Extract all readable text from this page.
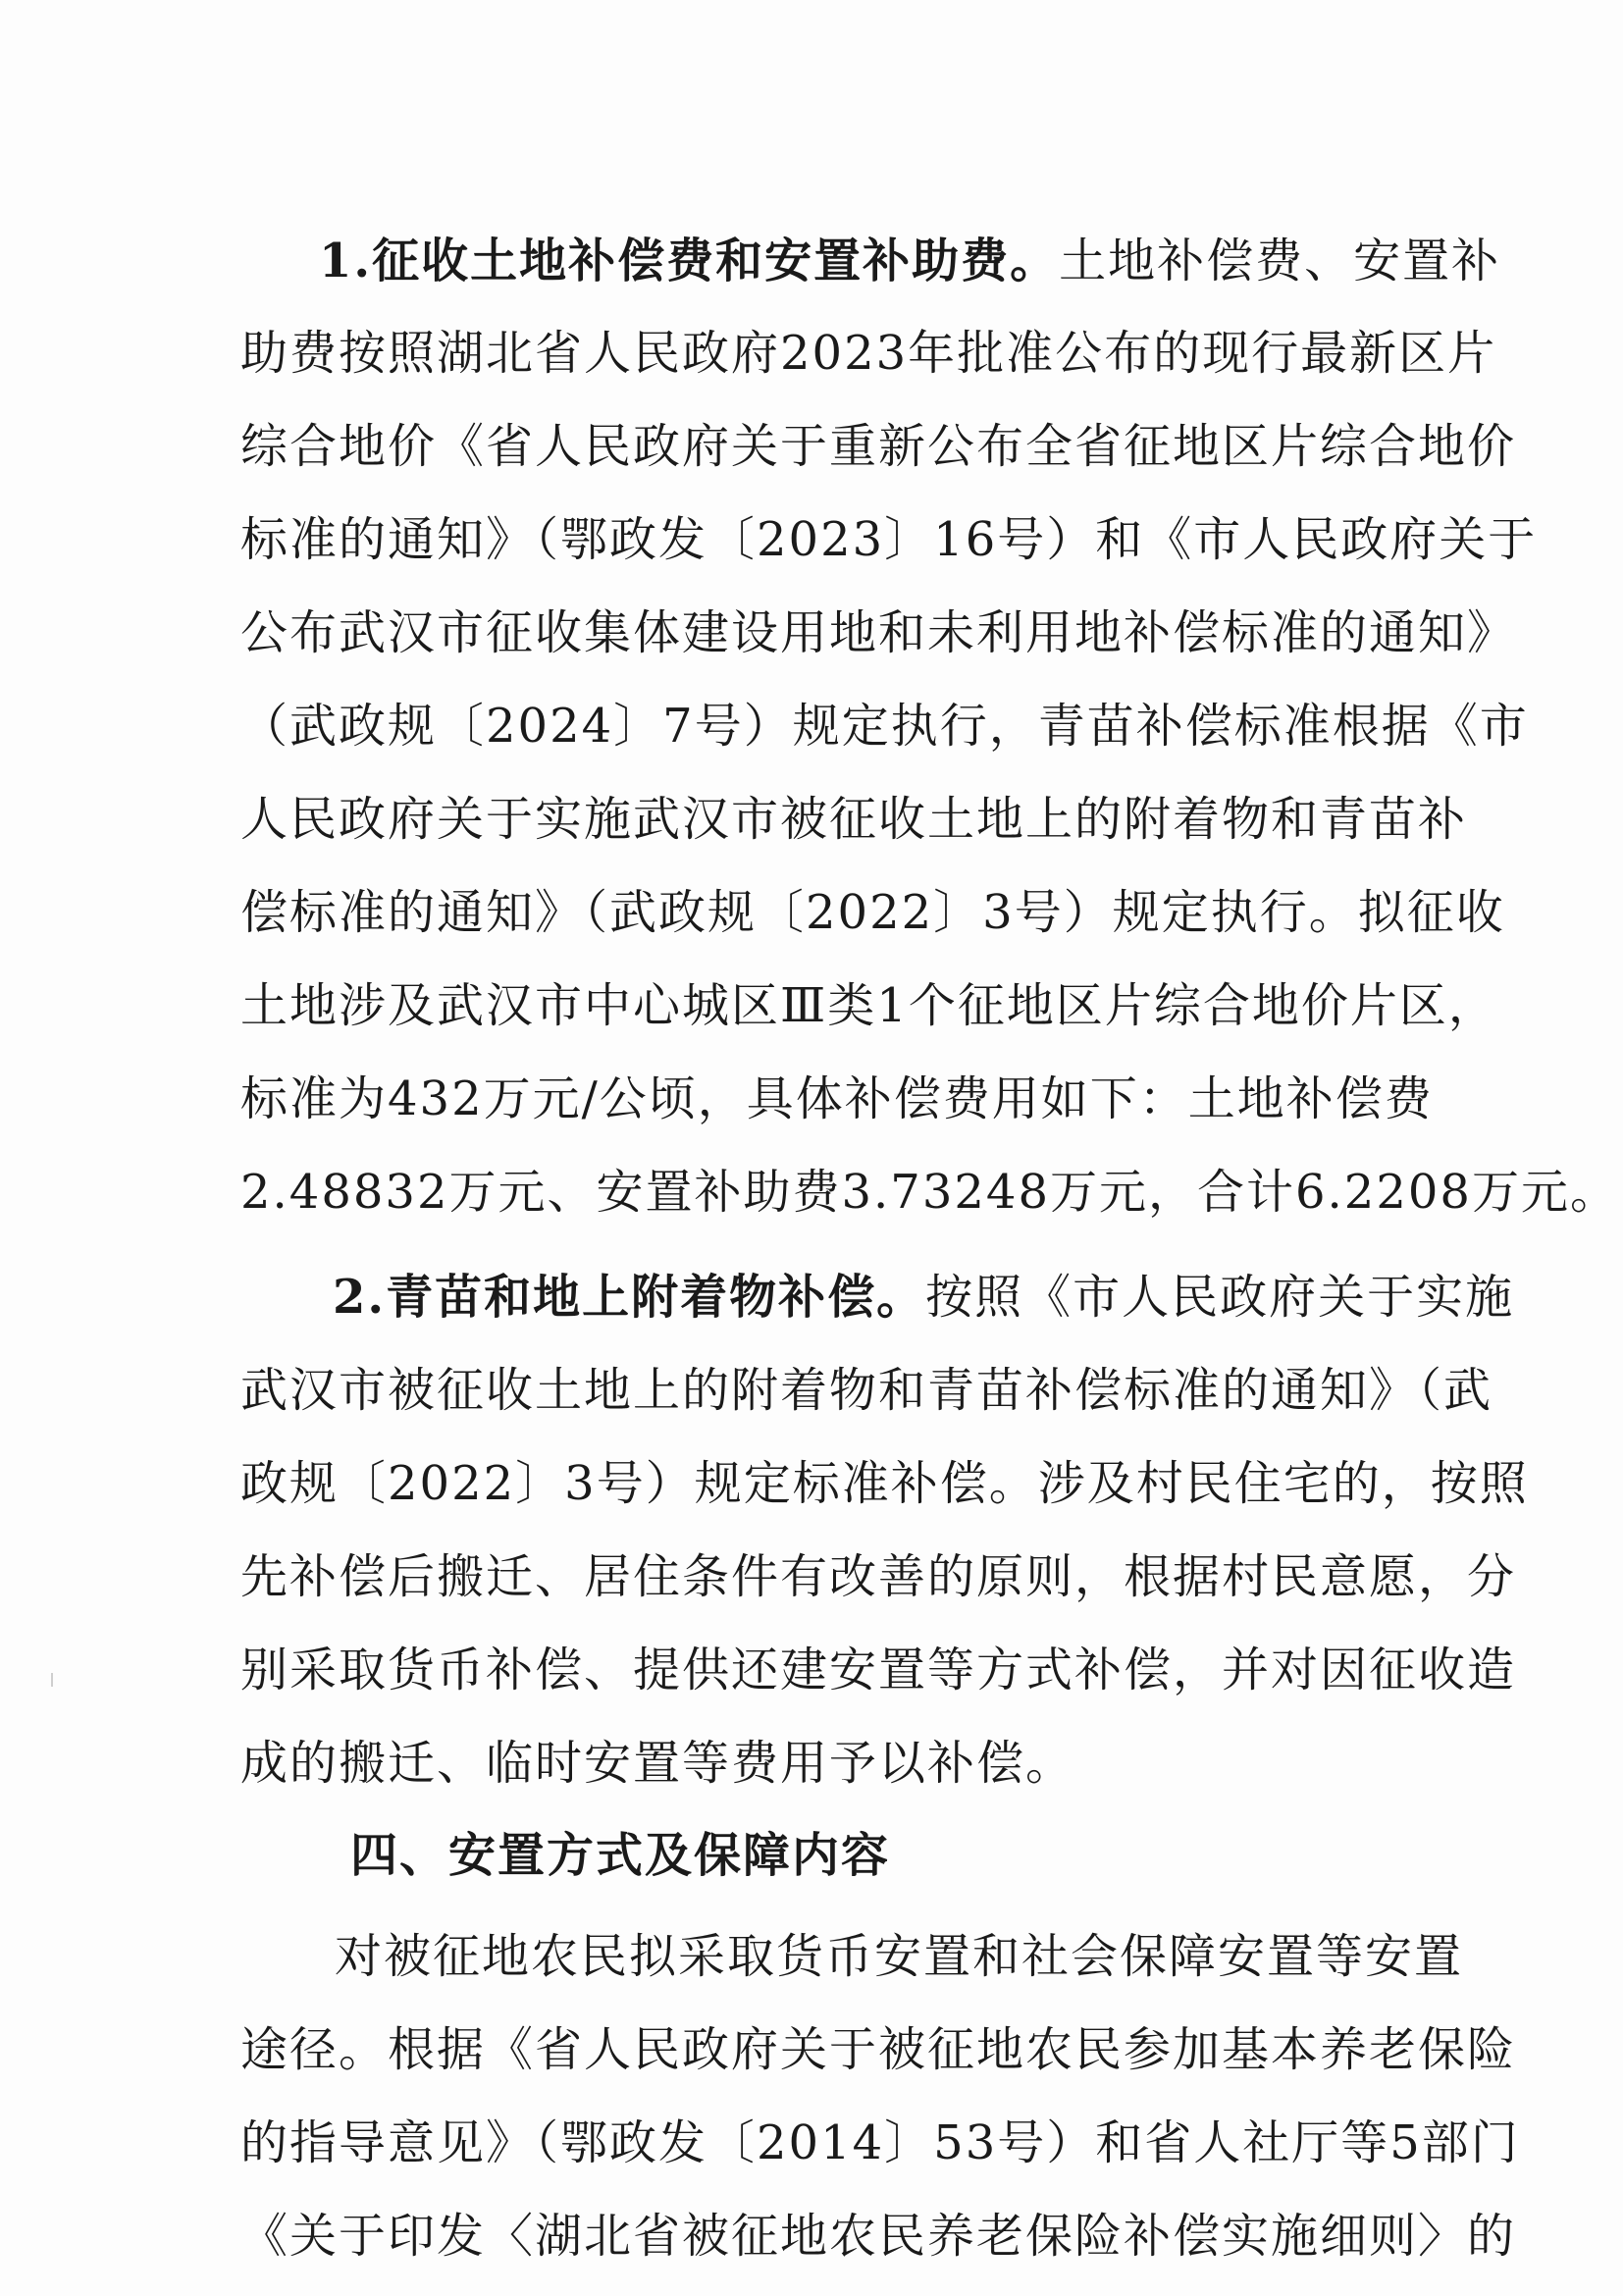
1.征收土地补偿费和安置补助费。土地补偿费、安置补
助费按照湖北省人民政府2023年批准公布的现行最新区片
综合地价《省人民政府关于重新公布全省征地区片综合地价
标准的通知》（鄂政发〔2023〕16号）和《市人民政府关于
公布武汉市征收集体建设用地和未利用地补偿标准的通知》
（武政规〔2024〕7号）规定执行，青苗补偿标准根据《市
人民政府关于实施武汉市被征收土地上的附着物和青苗补
偿标准的通知》（武政规〔2022〕3号）规定执行。拟征收
土地涉及武汉市中心城区Ⅲ类1个征地区片综合地价片区，
标准为432万元/公顷，具体补偿费用如下：土地补偿费
2.48832万元、安置补助费3.73248万元，合计6.2208万元。
2.青苗和地上附着物补偿。按照《市人民政府关于实施
武汉市被征收土地上的附着物和青苗补偿标准的通知》（武
政规〔2022〕3号）规定标准补偿。涉及村民住宅的，按照
先补偿后搬迁、居住条件有改善的原则，根据村民意愿，分
别采取货币补偿、提供还建安置等方式补偿，并对因征收造
成的搬迁、临时安置等费用予以补偿。
四、安置方式及保障内容
对被征地农民拟采取货币安置和社会保障安置等安置
途径。根据《省人民政府关于被征地农民参加基本养老保险
的指导意见》（鄂政发〔2014〕53号）和省人社厅等5部门
《关于印发〈湖北省被征地农民养老保险补偿实施细则〉的
